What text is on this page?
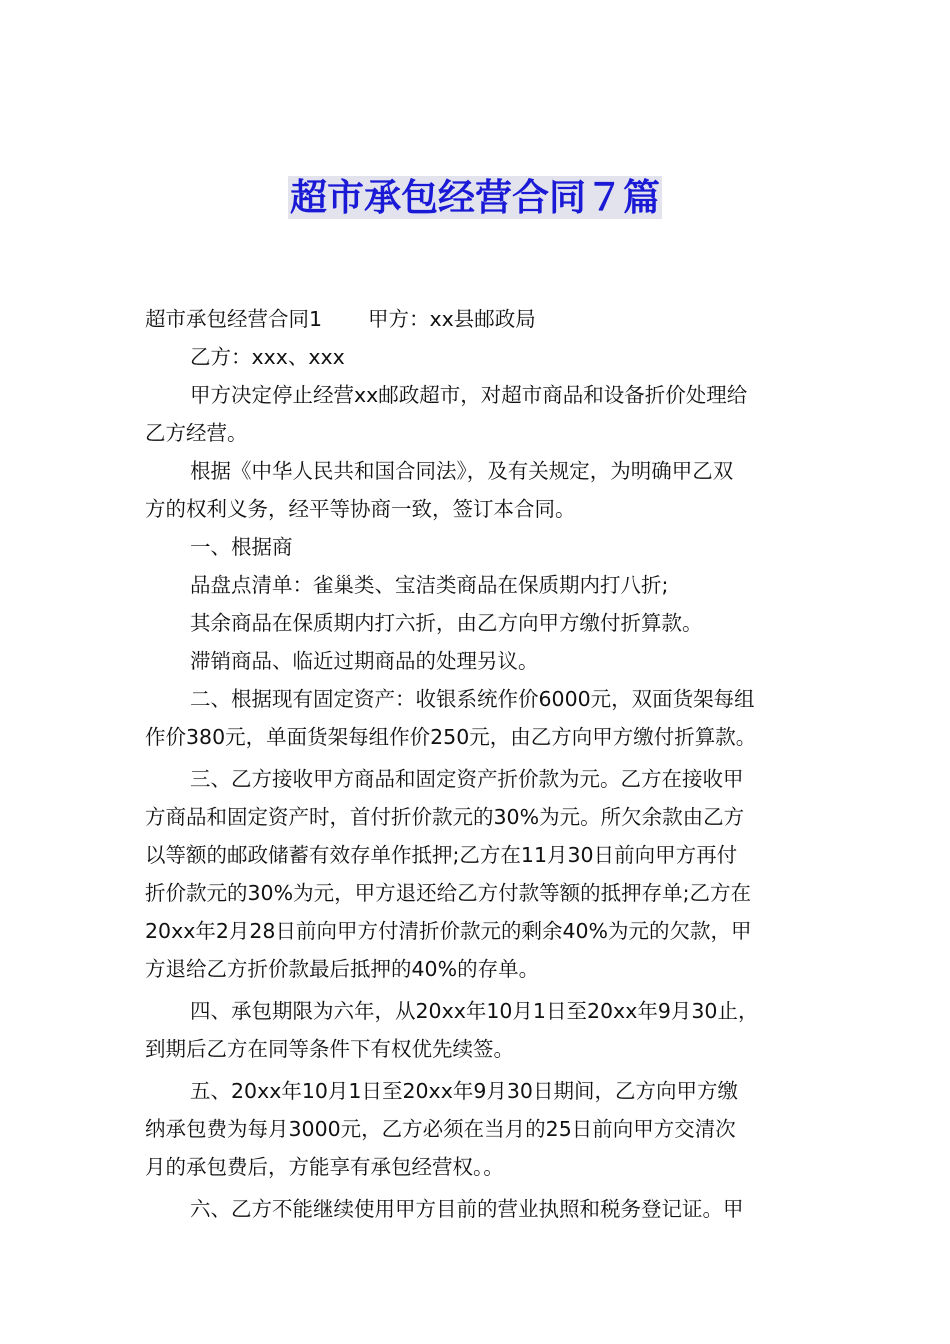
超市承包经营合同７篇
超市承包经营合同1 甲方：xx县邮政局
乙方：xxx、xxx
甲方决定停止经营xx邮政超市，对超市商品和设备折价处理给
乙方经营。
根据《中华人民共和国合同法》，及有关规定，为明确甲乙双
方的权利义务，经平等协商一致，签订本合同。
一、根据商
品盘点清单：雀巢类、宝洁类商品在保质期内打八折;
其余商品在保质期内打六折，由乙方向甲方缴付折算款。
滞销商品、临近过期商品的处理另议。
二、根据现有固定资产：收银系统作价6000元，双面货架每组
作价380元，单面货架每组作价250元，由乙方向甲方缴付折算款。
三、乙方接收甲方商品和固定资产折价款为元。乙方在接收甲
方商品和固定资产时，首付折价款元的30%为元。所欠余款由乙方
以等额的邮政储蓄有效存单作抵押;乙方在11月30日前向甲方再付
折价款元的30%为元，甲方退还给乙方付款等额的抵押存单;乙方在
20xx年2月28日前向甲方付清折价款元的剩余40%为元的欠款，甲
方退给乙方折价款最后抵押的40%的存单。
四、承包期限为六年，从20xx年10月1日至20xx年9月30止，
到期后乙方在同等条件下有权优先续签。
五、20xx年10月1日至20xx年9月30日期间，乙方向甲方缴
纳承包费为每月3000元，乙方必须在当月的25日前向甲方交清次
月的承包费后，方能享有承包经营权。。
六、乙方不能继续使用甲方目前的营业执照和税务登记证。甲
